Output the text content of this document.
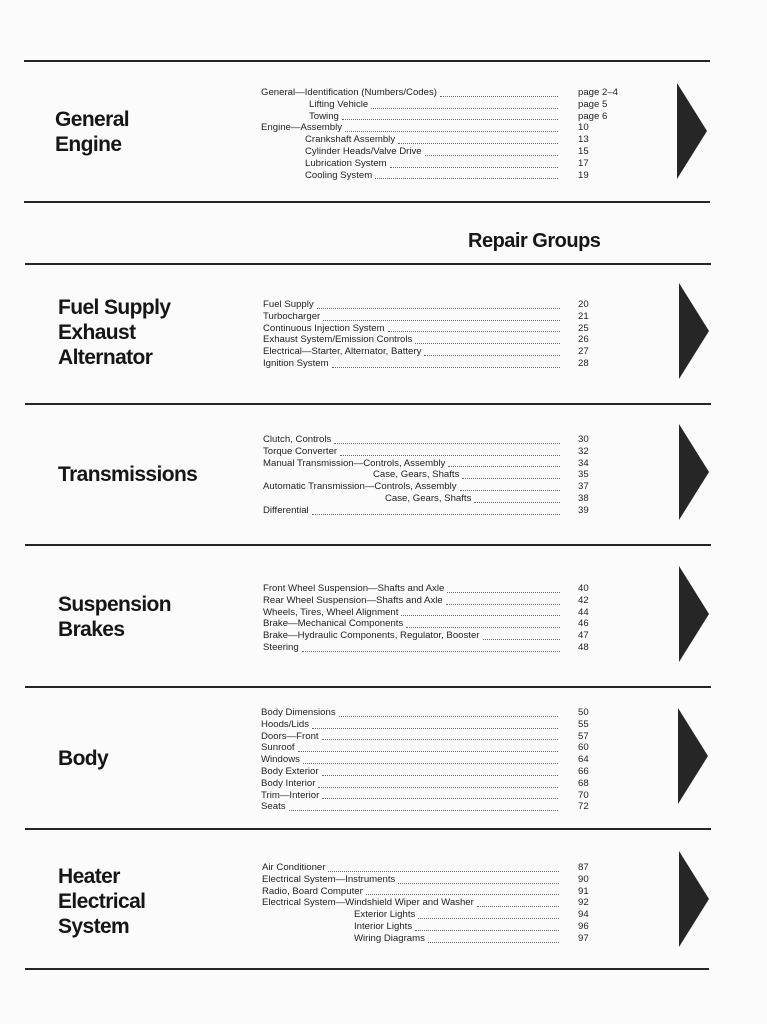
Repair Groups
General
Engine
General—Identification (Numbers/Codes)	page 2–4
Lifting Vehicle	page 5
Towing	page 6
Engine—Assembly	10
Crankshaft Assembly	13
Cylinder Heads/Valve Drive	15
Lubrication System	17
Cooling System	19
Fuel Supply
Exhaust
Alternator
Fuel Supply	20
Turbocharger	21
Continuous Injection System	25
Exhaust System/Emission Controls	26
Electrical—Starter, Alternator, Battery	27
Ignition System	28
Transmissions
Clutch, Controls	30
Torque Converter	32
Manual Transmission—Controls, Assembly	34
Case, Gears, Shafts	35
Automatic Transmission—Controls, Assembly	37
Case, Gears, Shafts	38
Differential	39
Suspension
Brakes
Front Wheel Suspension—Shafts and Axle	40
Rear Wheel Suspension—Shafts and Axle	42
Wheels, Tires, Wheel Alignment	44
Brake—Mechanical Components	46
Brake—Hydraulic Components, Regulator, Booster	47
Steering	48
Body
Body Dimensions	50
Hoods/Lids	55
Doors—Front	57
Sunroof	60
Windows	64
Body Exterior	66
Body Interior	68
Trim—Interior	70
Seats	72
Heater
Electrical
System
Air Conditioner	87
Electrical System—Instruments	90
Radio, Board Computer	91
Electrical System—Windshield Wiper and Washer	92
Exterior Lights	94
Interior Lights	96
Wiring Diagrams	97
